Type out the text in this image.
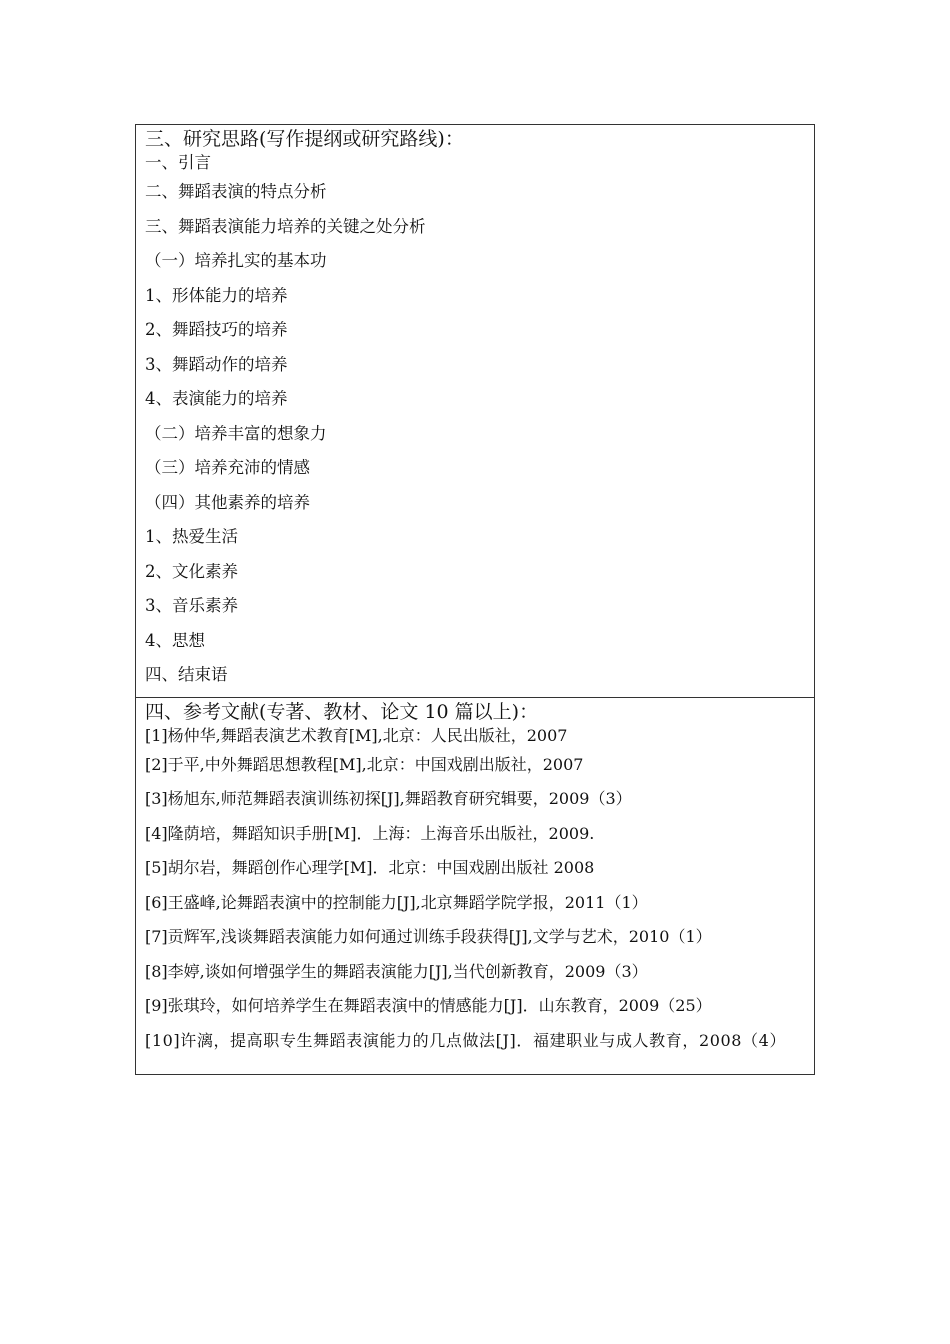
三、研究思路(写作提纲或研究路线)：
一、引言
二、舞蹈表演的特点分析
三、舞蹈表演能力培养的关键之处分析
（一）培养扎实的基本功
1、形体能力的培养
2、舞蹈技巧的培养
3、舞蹈动作的培养
4、表演能力的培养
（二）培养丰富的想象力
（三）培养充沛的情感
（四）其他素养的培养
1、热爱生活
2、文化素养
3、音乐素养
4、思想
四、结束语
四、参考文献(专著、教材、论文 10 篇以上)：
[1]杨仲华,舞蹈表演艺术教育[M],北京：人民出版社，2007
[2]于平,中外舞蹈思想教程[M],北京：中国戏剧出版社，2007
[3]杨旭东,师范舞蹈表演训练初探[J],舞蹈教育研究辑要，2009（3）
[4]隆荫培，舞蹈知识手册[M]．上海：上海音乐出版社，2009.
[5]胡尔岩，舞蹈创作心理学[M]．北京：中国戏剧出版社 2008
[6]王盛峰,论舞蹈表演中的控制能力[J],北京舞蹈学院学报，2011（1）
[7]贡辉军,浅谈舞蹈表演能力如何通过训练手段获得[J],文学与艺术，2010（1）
[8]李婷,谈如何增强学生的舞蹈表演能力[J],当代创新教育，2009（3）
[9]张琪玲，如何培养学生在舞蹈表演中的情感能力[J]．山东教育，2009（25）
[10]许漓，提高职专生舞蹈表演能力的几点做法[J]．福建职业与成人教育，2008（4）
